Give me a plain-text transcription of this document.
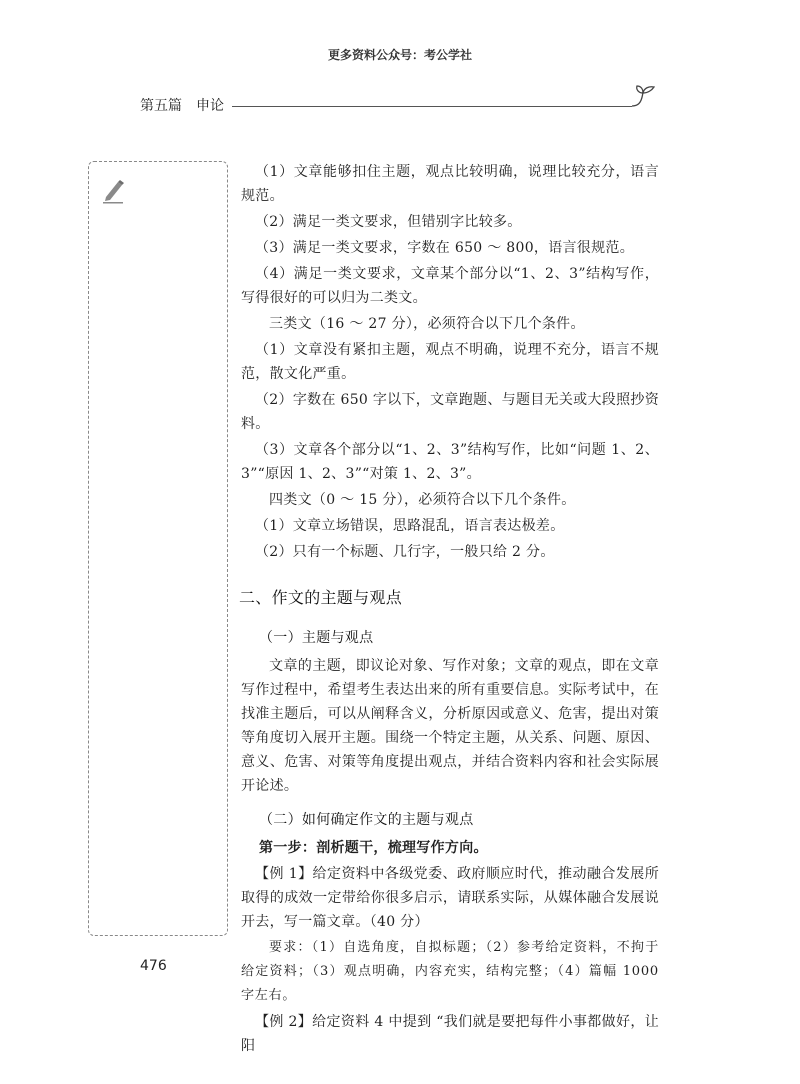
更多资料公众号：考公学社
第五篇 申论

（1）文章能够扣住主题，观点比较明确，说理比较充分，语言规范。

（2）满足一类文要求，但错别字比较多。

（3）满足一类文要求，字数在 650 ～ 800，语言很规范。

（4）满足一类文要求，文章某个部分以“1、2、3”结构写作，写得很好的可以归为二类文。

三类文（16 ～ 27 分），必须符合以下几个条件。

（1）文章没有紧扣主题，观点不明确，说理不充分，语言不规范，散文化严重。

（2）字数在 650 字以下，文章跑题、与题目无关或大段照抄资料。

（3）文章各个部分以“1、2、3”结构写作，比如“问题 1、2、3”“原因 1、2、3”“对策 1、2、3”。

四类文（0 ～ 15 分），必须符合以下几个条件。

（1）文章立场错误，思路混乱，语言表达极差。

（2）只有一个标题、几行字，一般只给 2 分。

二、作文的主题与观点

（一）主题与观点

文章的主题，即议论对象、写作对象；文章的观点，即在文章写作过程中，希望考生表达出来的所有重要信息。实际考试中，在找准主题后，可以从阐释含义，分析原因或意义、危害，提出对策等角度切入展开主题。围绕一个特定主题，从关系、问题、原因、意义、危害、对策等角度提出观点，并结合资料内容和社会实际展开论述。

（二）如何确定作文的主题与观点

第一步：剖析题干，梳理写作方向。

【例 1】给定资料中各级党委、政府顺应时代，推动融合发展所取得的成效一定带给你很多启示，请联系实际，从媒体融合发展说开去，写一篇文章。（40 分）

要求：（1）自选角度，自拟标题；（2）参考给定资料，不拘于给定资料；（3）观点明确，内容充实，结构完整；（4）篇幅 1000 字左右。

【例 2】给定资料 4 中提到 “我们就是要把每件小事都做好，让阳

476
